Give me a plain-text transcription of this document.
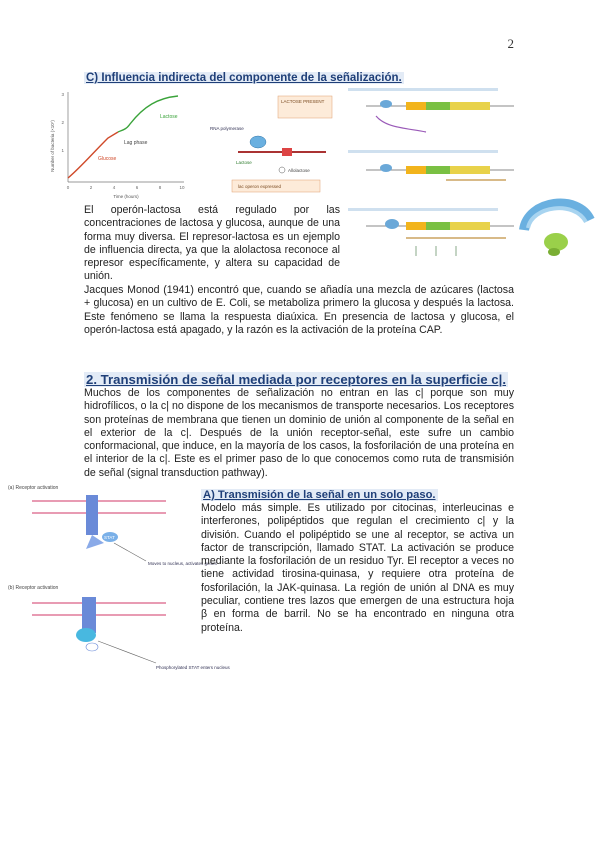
2
C) Influencia indirecta del componente de la señalización.
Number of bacteria (×10⁷)
3
2
1
0	2	4	6	8	10
Time (hours)
Lactose
Lag phase
Glucose
LACTOSE PRESENT
RNA polymerase
Lactose
Allolactose
lac operon expressed
El operón-lactosa está regulado por las concentraciones de lactosa y glucosa, aunque de una forma muy diversa. El represor-lactosa es un ejemplo de influencia directa, ya que la alolactosa reconoce al represor específicamente, y altera su capacidad de unión.
Jacques Monod (1941) encontró que, cuando se añadía una mezcla de azúcares (lactosa + glucosa) en un cultivo de E. Coli, se metaboliza primero la glucosa y después la lactosa. Este fenómeno se llama la respuesta diaúxica. En presencia de lactosa y glucosa, el operón-lactosa está apagado, y la razón es la activación de la proteína CAP.
2. Transmisión de señal mediada por receptores en la superficie c|.
Muchos de los componentes de señalización no entran en las c| porque son muy hidrofílicos, o la c| no dispone de los mecanismos de transporte necesarios. Los receptores son proteínas de membrana que tienen un dominio de unión al componente de la señal en el exterior de la c|. Después de la unión receptor-señal, este sufre un cambio conformacional, que induce, en la mayoría de los casos, la fosforilación de una proteína en el interior de la c|. Este es el primer paso de lo que conocemos como ruta de transmisión de señal (signal transduction pathway).
(a) Receptor activation
STAT
Moves to nucleus, activates genes
(b) Receptor activation
Phosphorylated STAT enters nucleus
A) Transmisión de la señal en un solo paso.
Modelo más simple. Es utilizado por citocinas, interleucinas e interferones, polipéptidos que regulan el crecimiento c| y la división. Cuando el polipéptido se une al receptor, se activa un factor de transcripción, llamado STAT. La activación se produce mediante la fosforilación de un residuo Tyr. El receptor a veces no tiene actividad tirosina-quinasa, y requiere otra proteína de fosforilación, la JAK-quinasa. La región de unión al DNA es muy peculiar, contiene tres lazos que emergen de una estructura hoja β en forma de barril. No se ha encontrado en ninguna otra proteína.
